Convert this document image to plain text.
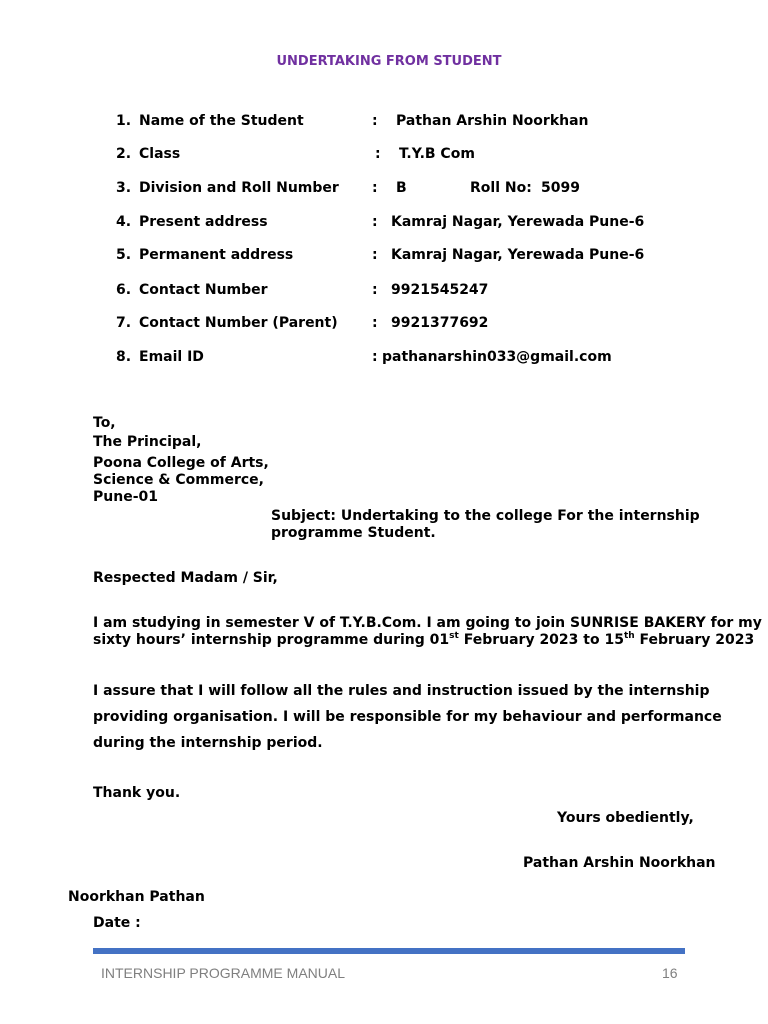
UNDERTAKING FROM STUDENT
1. Name of the Student	: Pathan Arshin Noorkhan
2. Class	: T.Y.B Com
3. Division and Roll Number : B	Roll No: 5099
4. Present address	: Kamraj Nagar, Yerewada Pune-6
5. Permanent address	: Kamraj Nagar, Yerewada Pune-6
6. Contact Number	: 9921545247
7. Contact Number (Parent) : 9921377692
8. Email ID	: pathanarshin033@gmail.com
To,
The Principal,
Poona College of Arts,
Science & Commerce,
Pune-01
Subject: Undertaking to the college For the internship
programme Student.
Respected Madam / Sir,
I am studying in semester V of T.Y.B.Com. I am going to join SUNRISE BAKERY for my
sixty hours’ internship programme during 01st February 2023 to 15th February 2023
I assure that I will follow all the rules and instruction issued by the internship
providing organisation. I will be responsible for my behaviour and performance
during the internship period.
Thank you.
Yours obediently,
Pathan Arshin Noorkhan
Noorkhan Pathan
Date :
INTERNSHIP PROGRAMME MANUAL	16
